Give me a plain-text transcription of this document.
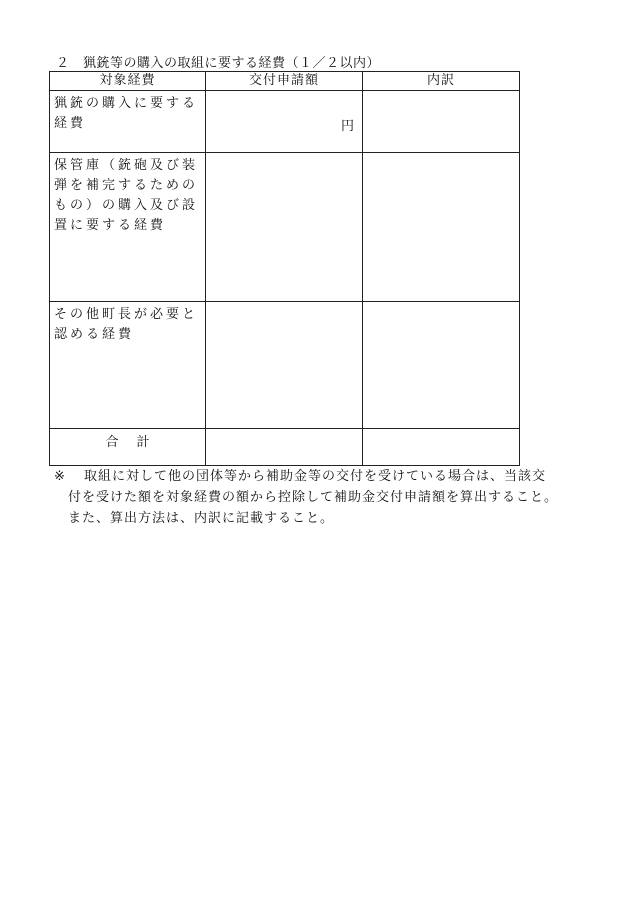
２　猟銃等の購入の取組に要する経費（１／２以内）
対象経費	交付申請額	内訳
猟銃の購入に要する経費	円	

保管庫（銃砲及び装弾を補完するためのもの）の購入及び設置に要する経費		
その他町長が必要と認める経費		
合計		
※	取組に対して他の団体等から補助金等の交付を受けている場合は、当該交
付を受けた額を対象経費の額から控除して補助金交付申請額を算出すること。
また、算出方法は、内訳に記載すること。
